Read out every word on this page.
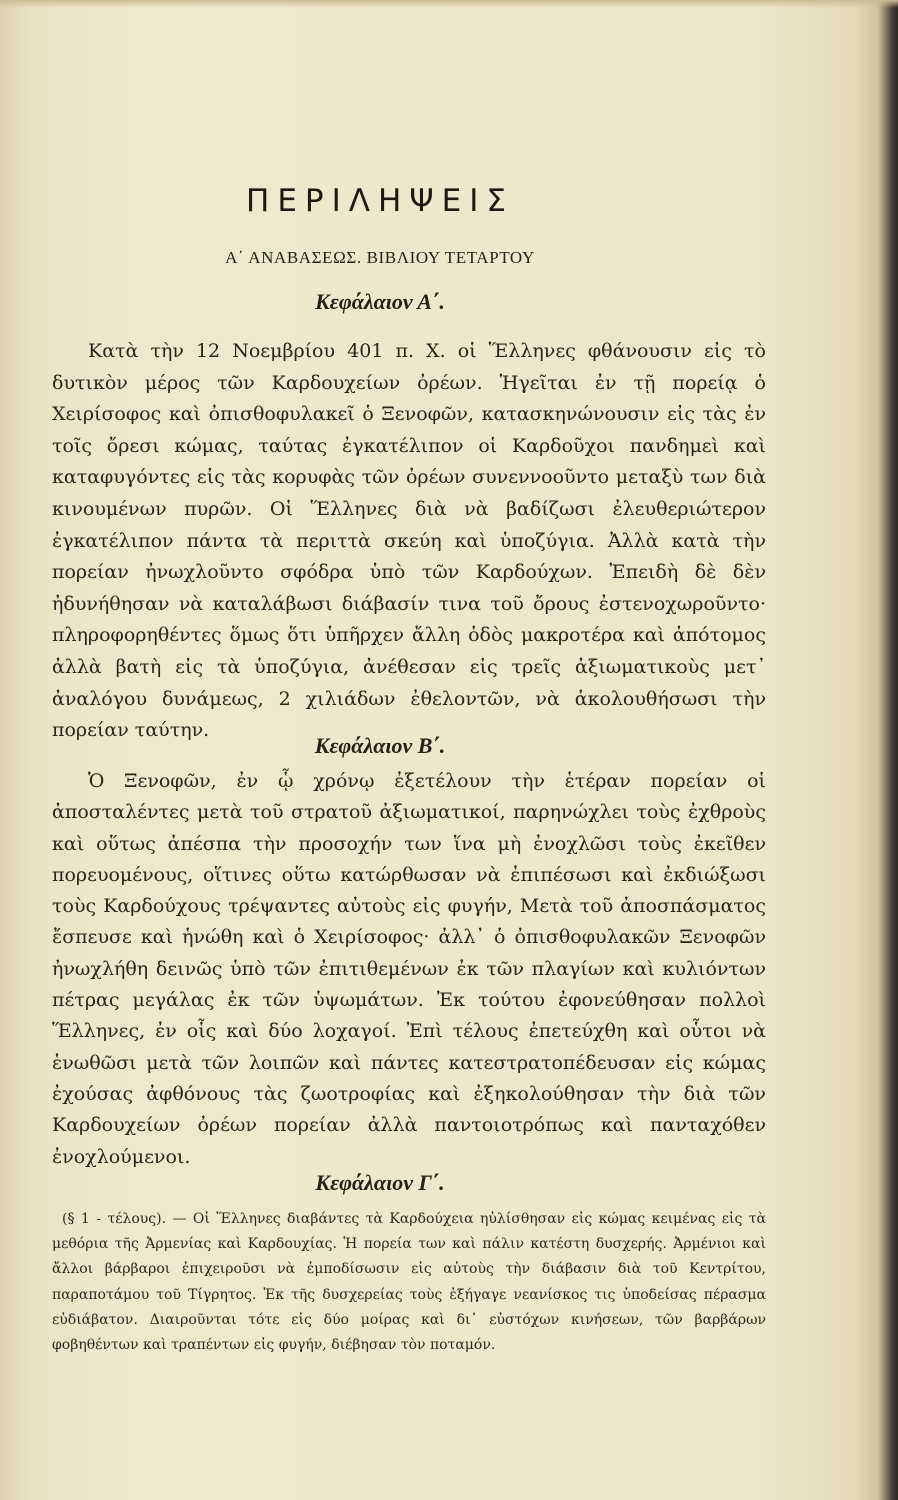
ΠΕΡΙΛΗΨΕΙΣ

Α΄ ΑΝΑΒΑΣΕΩΣ. ΒΙΒΛΙΟΥ ΤΕΤΑΡΤΟΥ

Κεφάλαιον Α΄.

Κατὰ τὴν 12 Νοεμβρίου 401 π. Χ. οἱ Ἕλληνες φθάνουσιν εἰς τὸ δυτικὸν μέρος τῶν Καρδουχείων ὀρέων. Ἡγεῖται ἐν τῇ πορείᾳ ὁ Χειρίσοφος καὶ ὀπισθοφυλακεῖ ὁ Ξενοφῶν, κατασκηνώνουσιν εἰς τὰς ἐν τοῖς ὄρεσι κώμας, ταύτας ἐγκατέλιπον οἱ Καρδοῦχοι πανδημεὶ καὶ καταφυγόντες εἰς τὰς κορυφὰς τῶν ὀρέων συνεννοοῦντο μεταξὺ των διὰ κινουμένων πυρῶν. Οἱ Ἕλληνες διὰ νὰ βαδίζωσι ἐλευθεριώτερον ἐγκατέλιπον πάντα τὰ περιττὰ σκεύη καὶ ὑποζύγια. Ἀλλὰ κατὰ τὴν πορείαν ἠνωχλοῦντο σφόδρα ὑπὸ τῶν Καρδούχων. Ἐπειδὴ δὲ δὲν ἠδυνήθησαν νὰ καταλάβωσι διάβασίν τινα τοῦ ὄρους ἐστενοχωροῦντο· πληροφορηθέντες ὅμως ὅτι ὑπῆρχεν ἄλλη ὁδὸς μακροτέρα καὶ ἀπότομος ἀλλὰ βατὴ εἰς τὰ ὑποζύγια, ἀνέθεσαν εἰς τρεῖς ἀξιωματικοὺς μετ᾽ ἀναλόγου δυνάμεως, 2 χιλιάδων ἐθελοντῶν, νὰ ἀκολουθήσωσι τὴν πορείαν ταύτην.

Κεφάλαιον Β΄.

Ὁ Ξενοφῶν, ἐν ᾧ χρόνῳ ἐξετέλουν τὴν ἑτέραν πορείαν οἱ ἀποσταλέντες μετὰ τοῦ στρατοῦ ἀξιωματικοί, παρηνώχλει τοὺς ἐχθροὺς καὶ οὕτως ἀπέσπα τὴν προσοχήν των ἵνα μὴ ἐνοχλῶσι τοὺς ἐκεῖθεν πορευομένους, οἵτινες οὕτω κατώρθωσαν νὰ ἐπιπέσωσι καὶ ἐκδιώξωσι τοὺς Καρδούχους τρέψαντες αὐτοὺς εἰς φυγήν, Μετὰ τοῦ ἀποσπάσματος ἔσπευσε καὶ ἡνώθη καὶ ὁ Χειρίσοφος· ἀλλ᾽ ὁ ὀπισθοφυλακῶν Ξενοφῶν ἠνωχλήθη δεινῶς ὑπὸ τῶν ἐπιτιθεμένων ἐκ τῶν πλαγίων καὶ κυλιόντων πέτρας μεγάλας ἐκ τῶν ὑψωμάτων. Ἐκ τούτου ἐφονεύθησαν πολλοὶ Ἕλληνες, ἐν οἷς καὶ δύο λοχαγοί. Ἐπὶ τέλους ἐπετεύχθη καὶ οὗτοι νὰ ἑνωθῶσι μετὰ τῶν λοιπῶν καὶ πάντες κατεστρατοπέδευσαν εἰς κώμας ἐχούσας ἀφθόνους τὰς ζωοτροφίας καὶ ἐξηκολούθησαν τὴν διὰ τῶν Καρδουχείων ὀρέων πορείαν ἀλλὰ παντοιοτρόπως καὶ πανταχόθεν ἐνοχλούμενοι.

Κεφάλαιον Γ΄.

(§ 1 - τέλους). — Οἱ Ἕλληνες διαβάντες τὰ Καρδούχεια ηὐλίσθησαν εἰς κώμας κειμένας εἰς τὰ μεθόρια τῆς Ἀρμενίας καὶ Καρδουχίας. Ἡ πορεία των καὶ πάλιν κατέστη δυσχερής. Ἀρμένιοι καὶ ἄλλοι βάρβαροι ἐπιχειροῦσι νὰ ἐμποδίσωσιν εἰς αὐτοὺς τὴν διάβασιν διὰ τοῦ Κεντρίτου, παραποτάμου τοῦ Τίγρητος. Ἐκ τῆς δυσχερείας τοὺς ἐξήγαγε νεανίσκος τις ὑποδείσας πέρασμα εὐδιάβατον. Διαιροῦνται τότε εἰς δύο μοίρας καὶ δι᾽ εὐστόχων κινήσεων, τῶν βαρβάρων φοβηθέντων καὶ τραπέντων εἰς φυγήν, διέβησαν τὸν ποταμόν.
